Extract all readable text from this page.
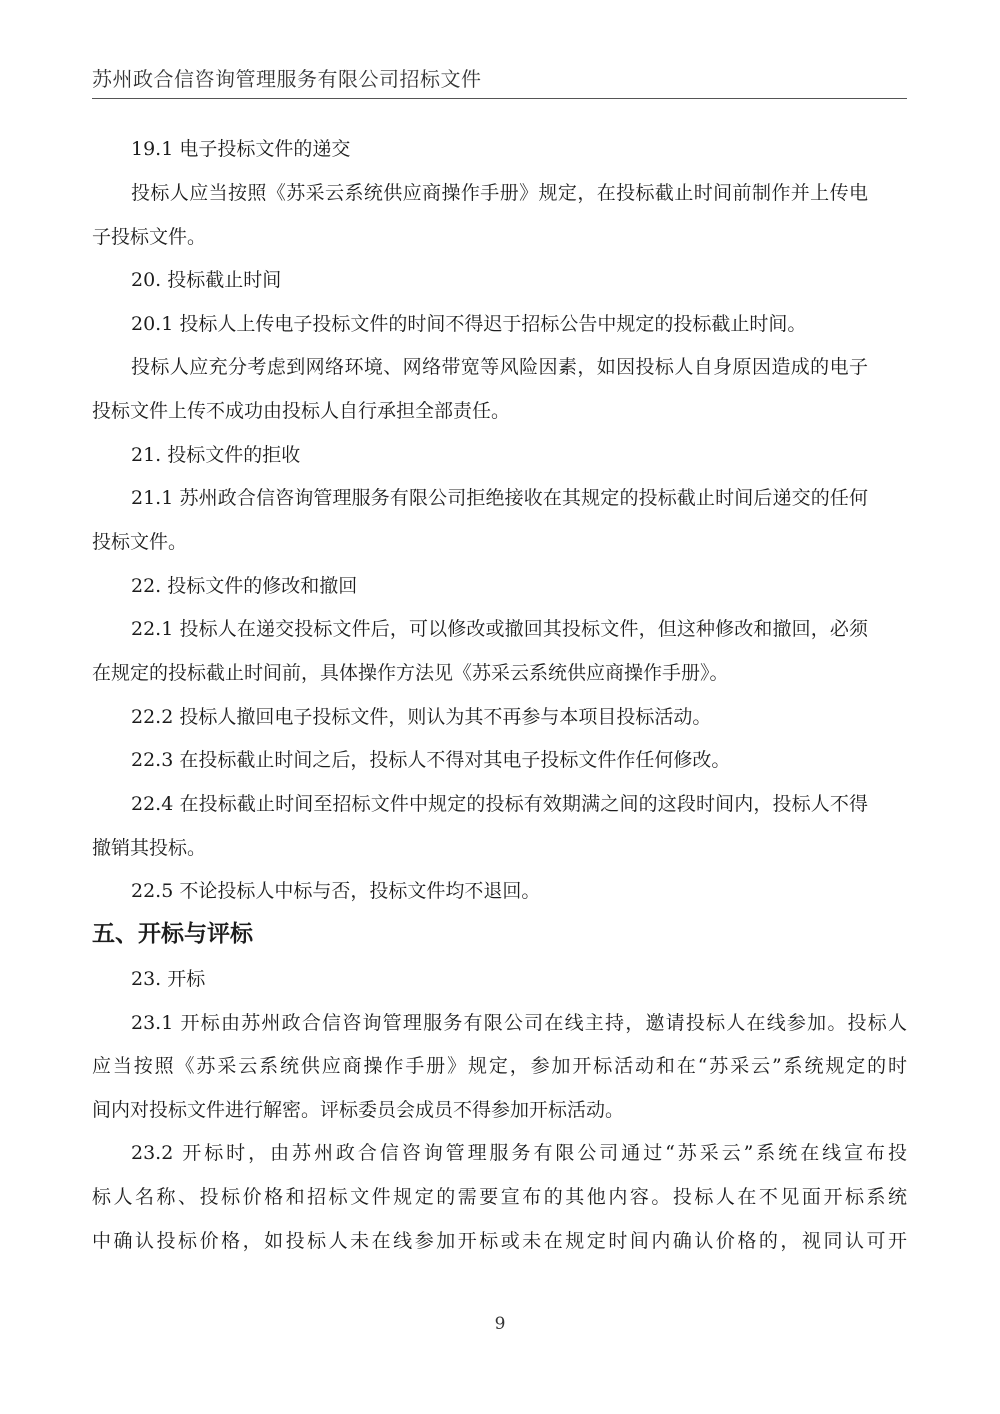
苏州政合信咨询管理服务有限公司招标文件
19.1 电子投标文件的递交
投标人应当按照《苏采云系统供应商操作手册》规定，在投标截止时间前制作并上传电
子投标文件。
20. 投标截止时间
20.1 投标人上传电子投标文件的时间不得迟于招标公告中规定的投标截止时间。
投标人应充分考虑到网络环境、网络带宽等风险因素，如因投标人自身原因造成的电子
投标文件上传不成功由投标人自行承担全部责任。
21. 投标文件的拒收
21.1 苏州政合信咨询管理服务有限公司拒绝接收在其规定的投标截止时间后递交的任何
投标文件。
22. 投标文件的修改和撤回
22.1 投标人在递交投标文件后，可以修改或撤回其投标文件，但这种修改和撤回，必须
在规定的投标截止时间前，具体操作方法见《苏采云系统供应商操作手册》。
22.2 投标人撤回电子投标文件，则认为其不再参与本项目投标活动。
22.3 在投标截止时间之后，投标人不得对其电子投标文件作任何修改。
22.4 在投标截止时间至招标文件中规定的投标有效期满之间的这段时间内，投标人不得
撤销其投标。
22.5 不论投标人中标与否，投标文件均不退回。
五、开标与评标
23. 开标
23.1 开标由苏州政合信咨询管理服务有限公司在线主持，邀请投标人在线参加。投标人
应当按照《苏采云系统供应商操作手册》规定，参加开标活动和在“苏采云”系统规定的时
间内对投标文件进行解密。评标委员会成员不得参加开标活动。
23.2 开标时，由苏州政合信咨询管理服务有限公司通过“苏采云”系统在线宣布投
标人名称、投标价格和招标文件规定的需要宣布的其他内容。投标人在不见面开标系统
中确认投标价格，如投标人未在线参加开标或未在规定时间内确认价格的，视同认可开
9
